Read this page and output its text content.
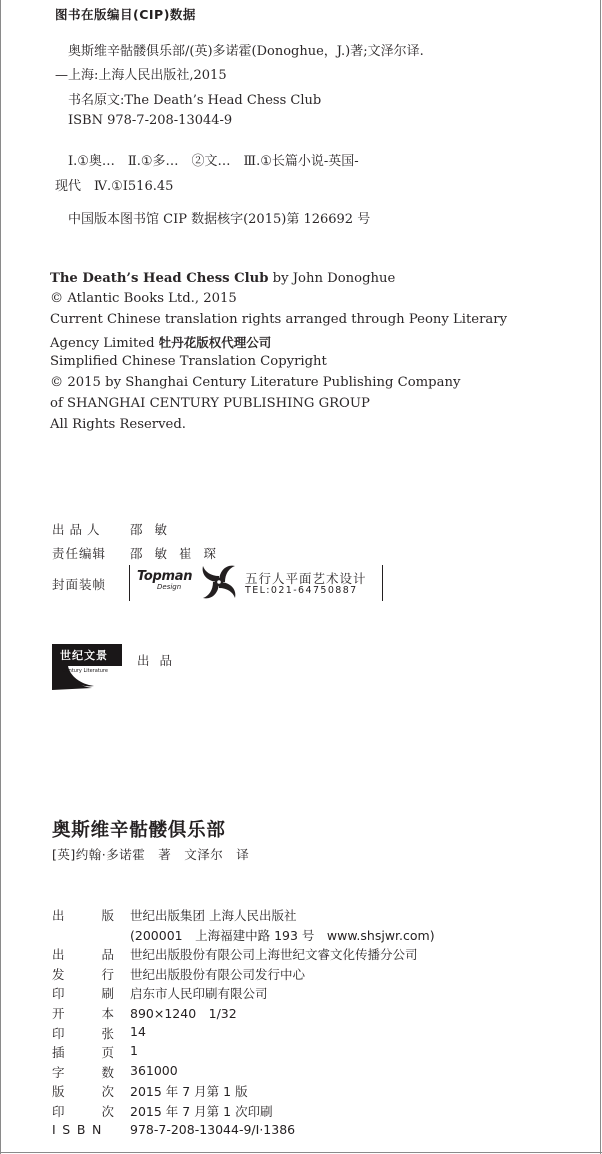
图书在版编目(CIP)数据
奥斯维辛骷髅俱乐部/(英)多诺霍(Donoghue，J.)著;文泽尔译.
—上海:上海人民出版社,2015
书名原文:The Death’s Head Chess Club
ISBN 978-7-208-13044-9
Ⅰ.①奥…　Ⅱ.①多…　②文…　Ⅲ.①长篇小说-英国-
现代　Ⅳ.①I516.45
中国版本图书馆 CIP 数据核字(2015)第 126692 号
The Death’s Head Chess Club by John Donoghue
© Atlantic Books Ltd., 2015
Current Chinese translation rights arranged through Peony Literary
Agency Limited 牡丹花版权代理公司
Simplified Chinese Translation Copyright
© 2015 by Shanghai Century Literature Publishing Company
of SHANGHAI CENTURY PUBLISHING GROUP
All Rights Reserved.
出品人 邵敏
责任编辑 邵敏崔琛
封面装帧
Topman
Design
五行人平面艺术设计
TEL:021-64750887
世纪文景
Century Literature
出品
奥斯维辛骷髅俱乐部
[英]约翰·多诺霍　著　文泽尔　译
出	版 世纪出版集团 上海人民出版社
(200001　上海福建中路 193 号　www.shsjwr.com)
出	品 世纪出版股份有限公司上海世纪文睿文化传播分公司
发	行 世纪出版股份有限公司发行中心
印	刷 启东市人民印刷有限公司
开	本 890×1240　1/32
印	张 14
插	页 1
字	数 361000
版	次 2015 年 7 月第 1 版
印	次 2015 年 7 月第 1 次印刷
ISBN 978-7-208-13044-9/I·1386
